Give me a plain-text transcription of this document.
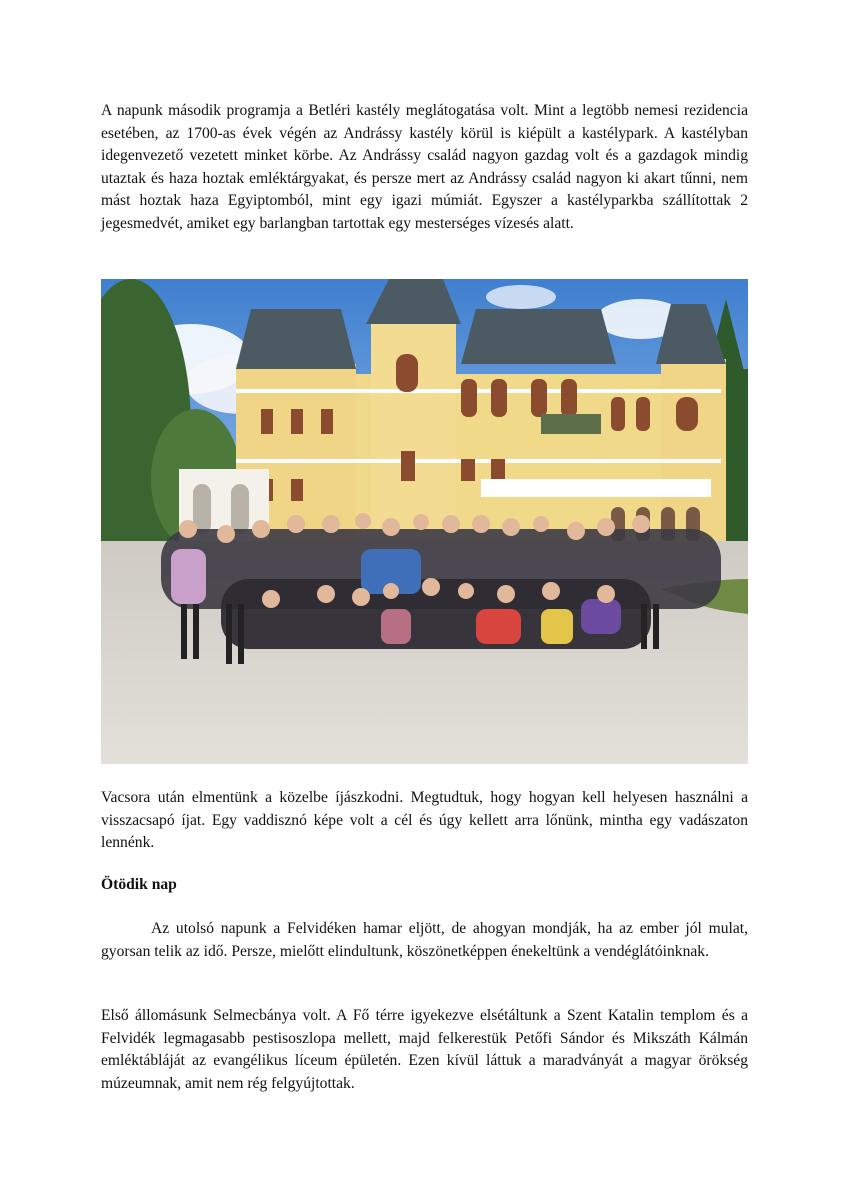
A napunk második programja a Betléri kastély meglátogatása volt. Mint a legtöbb nemesi rezidencia esetében, az 1700-as évek végén az Andrássy kastély körül is kiépült a kastélypark. A kastélyban idegenvezető vezetett minket körbe. Az Andrássy család nagyon gazdag volt és a gazdagok mindig utaztak és haza hoztak emléktárgyakat, és persze mert az Andrássy család nagyon ki akart tűnni, nem mást hoztak haza Egyiptomból, mint egy igazi múmiát. Egyszer a kastélyparkba szállítottak 2 jegesmedvét, amiket egy barlangban tartottak egy mesterséges vízesés alatt.

Vacsora után elmentünk a közelbe íjászkodni. Megtudtuk, hogy hogyan kell helyesen használni a visszacsapó íjat. Egy vaddisznó képe volt a cél és úgy kellett arra lőnünk, mintha egy vadászaton lennénk.

Ötödik nap

Az utolsó napunk a Felvidéken hamar eljött, de ahogyan mondják, ha az ember jól mulat, gyorsan telik az idő. Persze, mielőtt elindultunk, köszönetképpen énekeltünk a vendéglátóinknak.

Első állomásunk Selmecbánya volt. A Fő térre igyekezve elsétáltunk a Szent Katalin templom és a Felvidék legmagasabb pestisoszlopa mellett, majd felkerestük Petőfi Sándor és Mikszáth Kálmán emléktábláját az evangélikus líceum épületén. Ezen kívül láttuk a maradványát a magyar örökség múzeumnak, amit nem rég felgyújtottak.
